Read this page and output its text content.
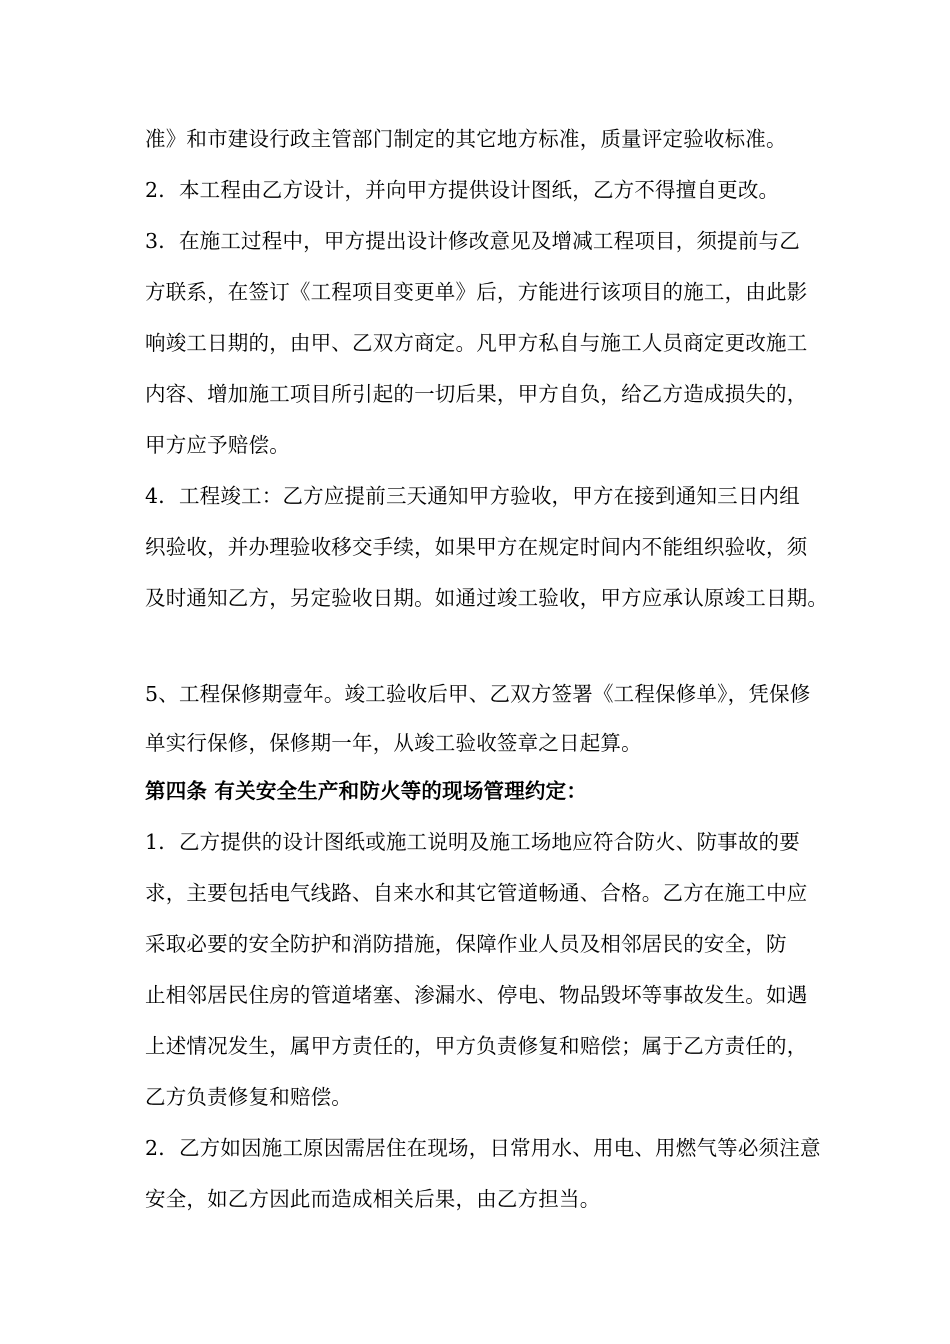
准》和市建设行政主管部门制定的其它地方标准，质量评定验收标准。
2．本工程由乙方设计，并向甲方提供设计图纸，乙方不得擅自更改。
3．在施工过程中，甲方提出设计修改意见及增减工程项目，须提前与乙
方联系，在签订《工程项目变更单》后，方能进行该项目的施工，由此影
响竣工日期的，由甲、乙双方商定。凡甲方私自与施工人员商定更改施工
内容、增加施工项目所引起的一切后果，甲方自负，给乙方造成损失的，
甲方应予赔偿。
4．工程竣工：乙方应提前三天通知甲方验收，甲方在接到通知三日内组
织验收，并办理验收移交手续，如果甲方在规定时间内不能组织验收，须
及时通知乙方，另定验收日期。如通过竣工验收，甲方应承认原竣工日期。
5、工程保修期壹年。竣工验收后甲、乙双方签署《工程保修单》，凭保修
单实行保修，保修期一年，从竣工验收签章之日起算。
第四条 有关安全生产和防火等的现场管理约定：
1．乙方提供的设计图纸或施工说明及施工场地应符合防火、防事故的要
求，主要包括电气线路、自来水和其它管道畅通、合格。乙方在施工中应
采取必要的安全防护和消防措施，保障作业人员及相邻居民的安全，防
止相邻居民住房的管道堵塞、渗漏水、停电、物品毁坏等事故发生。如遇
上述情况发生，属甲方责任的，甲方负责修复和赔偿；属于乙方责任的，
乙方负责修复和赔偿。
2．乙方如因施工原因需居住在现场，日常用水、用电、用燃气等必须注意
安全，如乙方因此而造成相关后果，由乙方担当。
